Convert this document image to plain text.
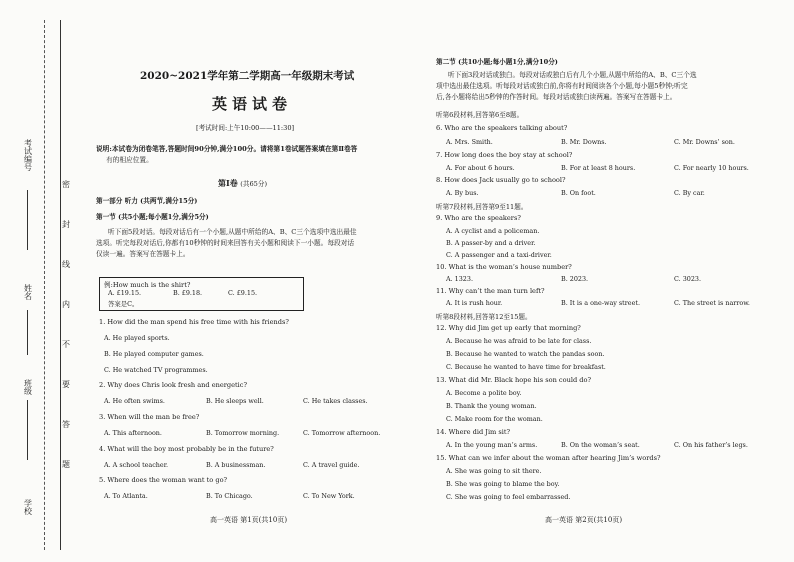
考试编号
姓名
班级
学校
密封线内不要答题
2020~2021学年第二学期高一年级期末考试
英语试卷
[考试时间:上午10:00——11:30]
说明:本试卷为闭卷笔答,答题时间90分钟,满分100分。请将第1卷试题答案填在第Ⅱ卷答
有的相应位置。
第Ⅰ卷 (共65分)
第一部分 听力 (共两节,满分15分)
第一节 (共5小题;每小题1分,满分5分)
听下面5段对话。每段对话后有一个小题,从题中所给的A、B、C三个选项中选出最佳
选项。听完每段对话后,你都有10秒钟的时间来回答有关小题和阅读下一小题。每段对话
仅读一遍。答案写在答题卡上。
例:How much is the shirt?
A. £19.15.	B. £9.18.	C. £9.15.
答案是C。
1. How did the man spend his free time with his friends?
A. He played sports.
B. He played computer games.
C. He watched TV programmes.
2. Why does Chris look fresh and energetic?
A. He often swims.	B. He sleeps well.	C. He takes classes.
3. When will the man be free?
A. This afternoon.	B. Tomorrow morning.	C. Tomorrow afternoon.
4. What will the boy most probably be in the future?
A. A school teacher.	B. A businessman.	C. A travel guide.
5. Where does the woman want to go?
A. To Atlanta.	B. To Chicago.	C. To New York.
高一英语 第1页(共10页)
第二节 (共10小题;每小题1分,满分10分)
听下面3段对话或独白。每段对话或独白后有几个小题,从题中所给的A、B、C三个选
项中选出最佳选项。听每段对话或独白前,你将有时间阅读各个小题,每小题5秒钟;听完
后,各小题将给出5秒钟的作答时间。每段对话或独白读两遍。答案写在答题卡上。
听第6段材料,回答第6至8题。
6. Who are the speakers talking about?
A. Mrs. Smith.	B. Mr. Downs.	C. Mr. Downs’ son.
7. How long does the boy stay at school?
A. For about 6 hours.	B. For at least 8 hours.	C. For nearly 10 hours.
8. How does Jack usually go to school?
A. By bus.	B. On foot.	C. By car.
听第7段材料,回答第9至11题。
9. Who are the speakers?
A. A cyclist and a policeman.
B. A passer-by and a driver.
C. A passenger and a taxi-driver.
10. What is the woman’s house number?
A. 1323.	B. 2023.	C. 3023.
11. Why can’t the man turn left?
A. It is rush hour.	B. It is a one-way street.	C. The street is narrow.
听第8段材料,回答第12至15题。
12. Why did Jim get up early that morning?
A. Because he was afraid to be late for class.
B. Because he wanted to watch the pandas soon.
C. Because he wanted to have time for breakfast.
13. What did Mr. Black hope his son could do?
A. Become a polite boy.
B. Thank the young woman.
C. Make room for the woman.
14. Where did Jim sit?
A. In the young man’s arms.	B. On the woman’s seat.	C. On his father’s legs.
15. What can we infer about the woman after hearing Jim’s words?
A. She was going to sit there.
B. She was going to blame the boy.
C. She was going to feel embarrassed.
高一英语 第2页(共10页)
